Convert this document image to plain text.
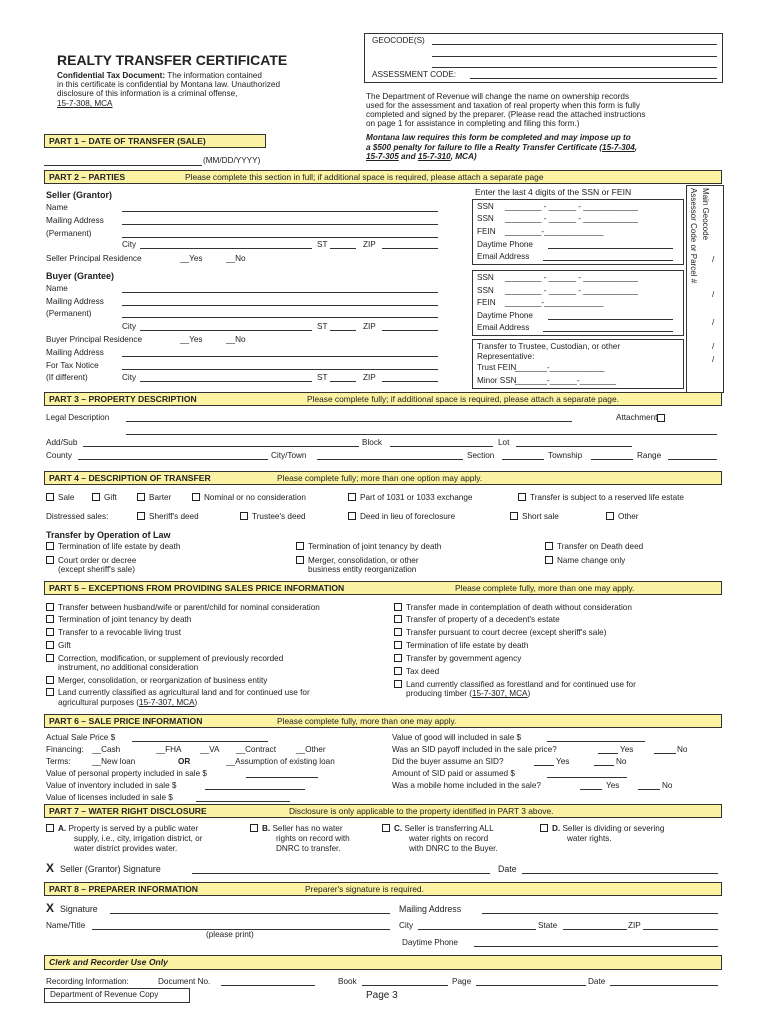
GEOCODE(S)
ASSESSMENT CODE:
REALTY TRANSFER CERTIFICATE
Confidential Tax Document: The information contained
in this certificate is confidential by Montana law. Unauthorized
disclosure of this information is a criminal offense,
15-7-308, MCA
The Department of Revenue will change the name on ownership records
used for the assessment and taxation of real property when this form is fully
completed and signed by the preparer. (Please read the attached instructions
on page 1 for assistance in completing and filing this form.)
Montana law requires this form be completed and may impose up to
a $500 penalty for failure to file a Realty Transfer Certificate (15-7-304,
15-7-305 and 15-7-310, MCA)
PART 1 – DATE OF TRANSFER (SALE)
(MM/DD/YYYY)
PART 2 – PARTIES	Please complete this section in full; if additional space is required, please attach a separate page
Main Geocode
Assessor Code or Parcel # /
/
/
/
/
Seller (Grantor)
Name
Mailing Address
(Permanent)
City	ST	ZIP
Seller Principal Residence	__Yes	__No
Enter the last 4 digits of the SSN or FEIN
SSN ________ - ______ - ____________
SSN ________ - ______ - ____________
FEIN ________-_____________
Daytime Phone
Email Address
Buyer (Grantee)
Name
Mailing Address
(Permanent)
City	ST	ZIP
Buyer Principal Residence	__Yes	__No
Mailing Address
For Tax Notice
(If different)	City	ST	ZIP
SSN ________ - ______ - ____________
SSN ________ - ______ - ____________
FEIN ________-_____________
Daytime Phone
Email Address
Transfer to Trustee, Custodian, or other
Representative:
Trust FEIN
_______-____________
Minor SSN
_______-______-________
PART 3 – PROPERTY DESCRIPTION	Please complete fully; if additional space is required, please attach a separate page.
Legal Description	Attachment
Add/Sub	Block	Lot
County	City/Town	Section	Township	Range
PART 4 – DESCRIPTION OF TRANSFER	Please complete fully; more than one option may apply.
Sale	Gift	Barter	Nominal or no consideration	Part of 1031 or 1033 exchange	Transfer is subject to a reserved life estate
Distressed sales:	Sheriff's deed	Trustee's deed	Deed in lieu of foreclosure	Short sale	Other
Transfer by Operation of Law
Termination of life estate by death	Termination of joint tenancy by death	Transfer on Death deed
Court order or decree
(except sheriff's sale)
Merger, consolidation, or other
business entity reorganization
Name change only
PART 5 – EXCEPTIONS FROM PROVIDING SALES PRICE INFORMATION	Please complete fully, more than one may apply.
Transfer between husband/wife or parent/child for nominal consideration
Termination of joint tenancy by death
Transfer to a revocable living trust
Gift
Correction, modification, or supplement of previously recorded
instrument, no additional consideration
Merger, consolidation, or reorganization of business entity
Land currently classified as agricultural land and for continued use for
agricultural purposes (15-7-307, MCA)
Transfer made in contemplation of death without consideration
Transfer of property of a decedent's estate
Transfer pursuant to court decree (except sheriff's sale)
Termination of life estate by death
Transfer by government agency
Tax deed
Land currently classified as forestland and for continued use for
producing timber (15-7-307, MCA)
PART 6 – SALE PRICE INFORMATION	Please complete fully, more than one may apply.
Actual Sale Price $
Financing: __Cash	__FHA __VA __Contract __Other
Terms:	__New loan	OR	__Assumption of existing loan
Value of personal property included in sale $
Value of inventory included in sale $
Value of licenses included in sale $
Value of good will included in sale $
Was an SID payoff included in the sale price?	Yes	No
Did the buyer assume an SID?	Yes	No
Amount of SID paid or assumed $
Was a mobile home included in the sale?	Yes	No
PART 7 – WATER RIGHT DISCLOSURE	Disclosure is only applicable to the property identified in PART 3 above.
A. Property is served by a public water
supply, i.e., city, irrigation district, or
water district provides water.
B. Seller has no water
rights on record with
DNRC to transfer.
C. Seller is transferring ALL
water rights on record
with DNRC to the Buyer.
D. Seller is dividing or severing
water rights.
X Seller (Grantor) Signature	Date
PART 8 – PREPARER INFORMATION	Preparer's signature is required.
X Signature	Mailing Address
Name/Title	City	State	ZIP
(please print)
Daytime Phone
Clerk and Recorder Use Only
Recording Information:	Document No.	Book	Page	Date
Department of Revenue Copy	Page 3
